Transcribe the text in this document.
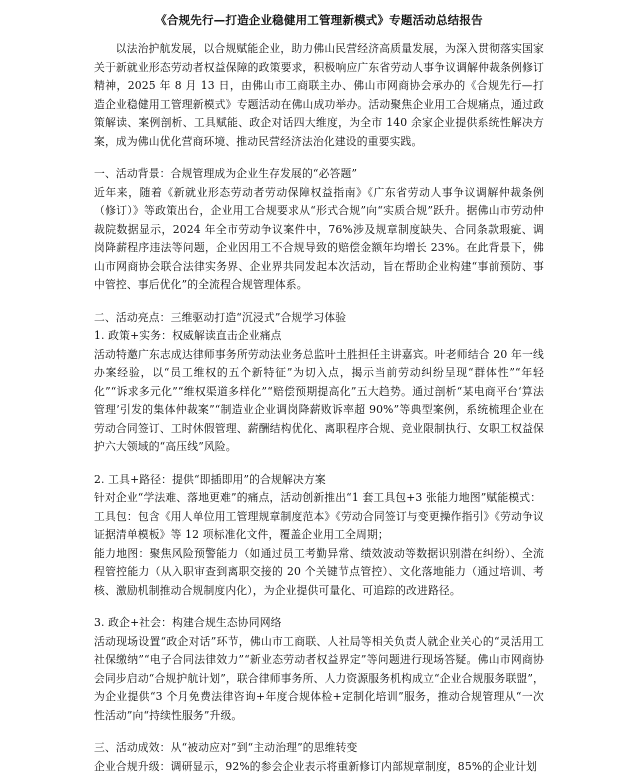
《合规先行—打造企业稳健用工管理新模式》专题活动总结报告

以法治护航发展，以合规赋能企业，助力佛山民营经济高质量发展，为深入贯彻落实国家关于新就业形态劳动者权益保障的政策要求，积极响应广东省劳动人事争议调解仲裁条例修订精神，2025 年 8 月 13 日，由佛山市工商联主办、佛山市网商协会承办的《合规先行—打造企业稳健用工管理新模式》专题活动在佛山成功举办。活动聚焦企业用工合规痛点，通过政策解读、案例剖析、工具赋能、政企对话四大维度，为全市 140 余家企业提供系统性解决方案，成为佛山优化营商环境、推动民营经济法治化建设的重要实践。

一、活动背景：合规管理成为企业生存发展的“必答题”

近年来，随着《新就业形态劳动者劳动保障权益指南》《广东省劳动人事争议调解仲裁条例（修订）》等政策出台，企业用工合规要求从“形式合规”向“实质合规”跃升。据佛山市劳动仲裁院数据显示，2024 年全市劳动争议案件中，76%涉及规章制度缺失、合同条款瑕疵、调岗降薪程序违法等问题，企业因用工不合规导致的赔偿金额年均增长 23%。在此背景下，佛山市网商协会联合法律实务界、企业界共同发起本次活动，旨在帮助企业构建“事前预防、事中管控、事后优化”的全流程合规管理体系。

二、活动亮点：三维驱动打造“沉浸式”合规学习体验

1. 政策+实务：权威解读直击企业痛点

活动特邀广东志成达律师事务所劳动法业务总监叶土胜担任主讲嘉宾。叶老师结合 20 年一线办案经验，以“员工维权的五个新特征”为切入点，揭示当前劳动纠纷呈现“群体性”“年轻化”“诉求多元化”“维权渠道多样化”“赔偿预期提高化”五大趋势。通过剖析“某电商平台‘算法管理’引发的集体仲裁案”“制造业企业调岗降薪败诉率超 90%”等典型案例，系统梳理企业在劳动合同签订、工时休假管理、薪酬结构优化、离职程序合规、竞业限制执行、女职工权益保护六大领域的“高压线”风险。

2. 工具+路径：提供“即插即用”的合规解决方案

针对企业“学法难、落地更难”的痛点，活动创新推出“1 套工具包+3 张能力地图”赋能模式：

工具包：包含《用人单位用工管理规章制度范本》《劳动合同签订与变更操作指引》《劳动争议证据清单模板》等 12 项标准化文件，覆盖企业用工全周期；

能力地图：聚焦风险预警能力（如通过员工考勤异常、绩效波动等数据识别潜在纠纷）、全流程管控能力（从入职审查到离职交接的 20 个关键节点管控）、文化落地能力（通过培训、考核、激励机制推动合规制度内化），为企业提供可量化、可追踪的改进路径。

3. 政企+社会：构建合规生态协同网络

活动现场设置“政企对话”环节，佛山市工商联、人社局等相关负责人就企业关心的“灵活用工社保缴纳”“电子合同法律效力”“新业态劳动者权益界定”等问题进行现场答疑。佛山市网商协会同步启动“合规护航计划”，联合律师事务所、人力资源服务机构成立“企业合规服务联盟”，为企业提供“3 个月免费法律咨询+年度合规体检+定制化培训”服务，推动合规管理从“一次性活动”向“持续性服务”升级。

三、活动成效：从“被动应对”到“主动治理”的思维转变

企业合规升级：调研显示，92%的参会企业表示将重新修订内部规章制度，85%的企业计划
